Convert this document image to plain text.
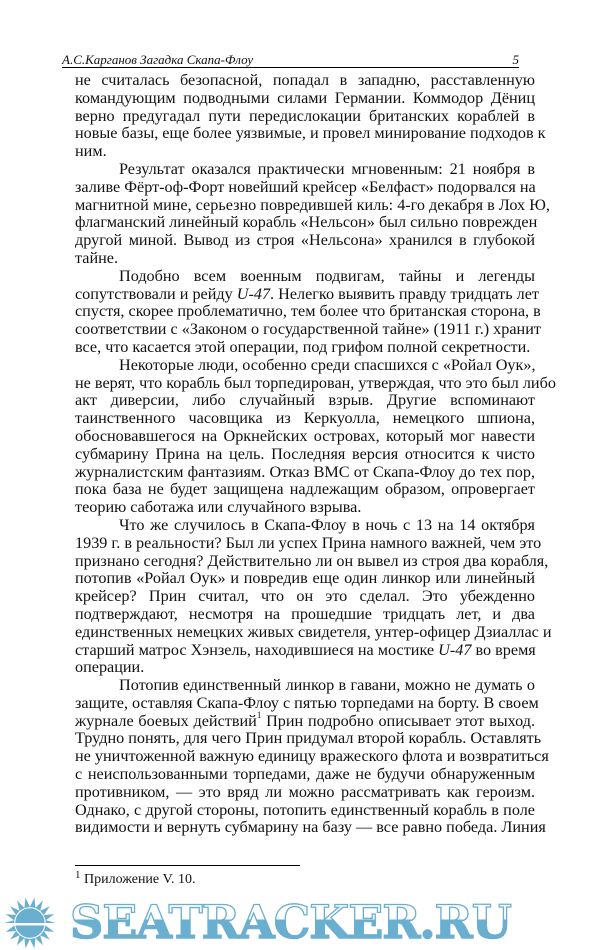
А.С.Карганов Загадка Скапа-Флоу	5
не считалась безопасной, попадал в западню, расставленную
командующим подводными силами Германии. Коммодор Дёниц
верно предугадал пути передислокации британских кораблей в
новые базы, еще более уязвимые, и провел минирование подходов к
ним.
Результат оказался практически мгновенным: 21 ноября в
заливе Фёрт-оф-Форт новейший крейсер «Белфаст» подорвался на
магнитной мине, серьезно повредившей киль: 4-го декабря в Лох Ю,
флагманский линейный корабль «Нельсон» был сильно поврежден
другой миной. Вывод из строя «Нельсона» хранился в глубокой
тайне.
Подобно всем военным подвигам, тайны и легенды
сопутствовали и рейду U-47. Нелегко выявить правду тридцать лет
спустя, скорее проблематично, тем более что британская сторона, в
соответствии с «Законом о государственной тайне» (1911 г.) хранит
все, что касается этой операции, под грифом полной секретности.
Некоторые люди, особенно среди спасшихся с «Ройал Оук»,
не верят, что корабль был торпедирован, утверждая, что это был либо
акт диверсии, либо случайный взрыв. Другие вспоминают
таинственного часовщика из Керкуолла, немецкого шпиона,
обосновавшегося на Оркнейских островах, который мог навести
субмарину Прина на цель. Последняя версия относится к чисто
журналистским фантазиям. Отказ ВМС от Скапа-Флоу до тех пор,
пока база не будет защищена надлежащим образом, опровергает
теорию саботажа или случайного взрыва.
Что же случилось в Скапа-Флоу в ночь с 13 на 14 октября
1939 г. в реальности? Был ли успех Прина намного важней, чем это
признано сегодня? Действительно ли он вывел из строя два корабля,
потопив «Ройал Оук» и повредив еще один линкор или линейный
крейсер? Прин считал, что он это сделал. Это убежденно
подтверждают, несмотря на прошедшие тридцать лет, и два
единственных немецких живых свидетеля, унтер-офицер Дзиаллас и
старший матрос Хэнзель, находившиеся на мостике U-47 во время
операции.
Потопив единственный линкор в гавани, можно не думать о
защите, оставляя Скапа-Флоу с пятью торпедами на борту. В своем
журнале боевых действий$^1$ Прин подробно описывает этот выход.
Трудно понять, для чего Прин придумал второй корабль. Оставлять
не уничтоженной важную единицу вражеского флота и возвратиться
с неиспользованными торпедами, даже не будучи обнаруженным
противником, — это вряд ли можно рассматривать как героизм.
Однако, с другой стороны, потопить единственный корабль в поле
видимости и вернуть субмарину на базу — все равно победа. Линия
$^1$ Приложение V. 10.
SEATRACKER.RU
